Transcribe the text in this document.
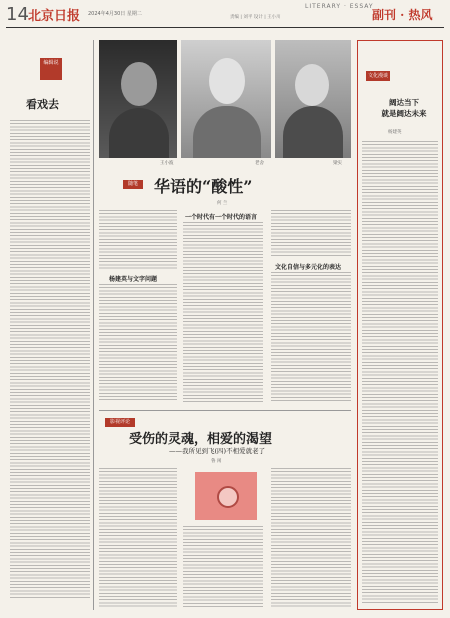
14 北京日报 2024年4月30日 星期二
责编 | 刘平 设计 | 王小川
LITERARY · ESSAY
副刊 · 热风
编辑说
看戏去
王小波	老舍	梁实
随笔	华语的“酸性”
何 兰
杨建英与文字问题
一个时代有一个时代的语言
文化自信与多元化的表达
影视评论
受伤的灵魂，相爱的渴望
——我所见到飞(四)不相爱就老了
鲁 闲
文化漫谈
阔达当下
就是阔达未来
杨建英
